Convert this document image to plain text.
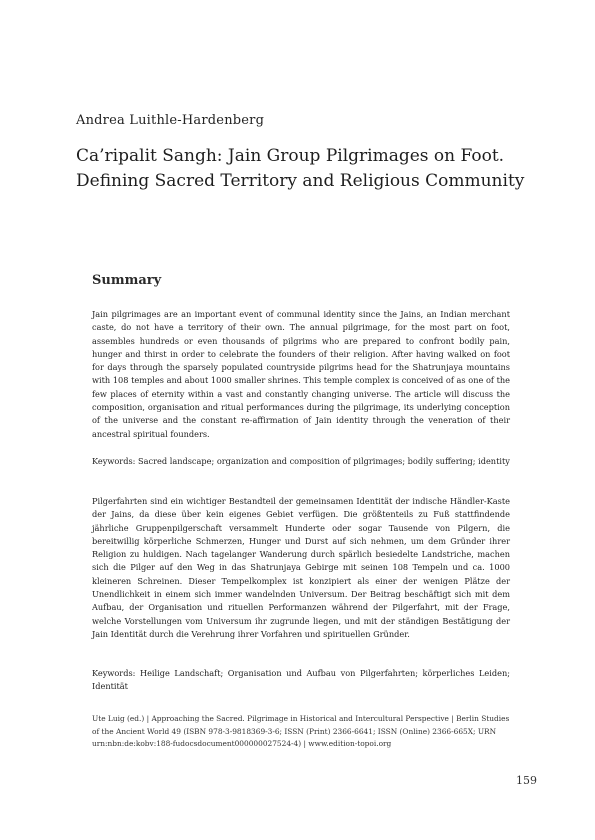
Andrea Luithle-Hardenberg
Ca’ripalit Sangh: Jain Group Pilgrimages on Foot. Defining Sacred Territory and Religious Community
Summary
Jain pilgrimages are an important event of communal identity since the Jains, an Indian merchant caste, do not have a territory of their own. The annual pilgrimage, for the most part on foot, assembles hundreds or even thousands of pilgrims who are prepared to confront bodily pain, hunger and thirst in order to celebrate the founders of their religion. After having walked on foot for days through the sparsely populated countryside pilgrims head for the Shatrunjaya mountains with 108 temples and about 1000 smaller shrines. This temple complex is conceived of as one of the few places of eternity within a vast and constantly changing universe. The article will discuss the composition, organisation and ritual performances during the pilgrimage, its underlying conception of the universe and the constant re-affirmation of Jain identity through the veneration of their ancestral spiritual founders.
Keywords: Sacred landscape; organization and composition of pilgrimages; bodily suffering; identity
Pilgerfahrten sind ein wichtiger Bestandteil der gemeinsamen Identität der indische Händler-Kaste der Jains, da diese über kein eigenes Gebiet verfügen. Die größtenteils zu Fuß stattfindende jährliche Gruppenpilgerschaft versammelt Hunderte oder sogar Tausende von Pilgern, die bereitwillig körperliche Schmerzen, Hunger und Durst auf sich nehmen, um dem Gründer ihrer Religion zu huldigen. Nach tagelanger Wanderung durch spärlich besiedelte Landstriche, machen sich die Pilger auf den Weg in das Shatrunjaya Gebirge mit seinen 108 Tempeln und ca. 1000 kleineren Schreinen. Dieser Tempelkomplex ist konzipiert als einer der wenigen Plätze der Unendlichkeit in einem sich immer wandelnden Universum. Der Beitrag beschäftigt sich mit dem Aufbau, der Organisation und rituellen Performanzen während der Pilgerfahrt, mit der Frage, welche Vorstellungen vom Universum ihr zugrunde liegen, und mit der ständigen Bestätigung der Jain Identität durch die Verehrung ihrer Vorfahren und spirituellen Gründer.
Keywords: Heilige Landschaft; Organisation und Aufbau von Pilgerfahrten; körperliches Leiden; Identität
Ute Luig (ed.) | Approaching the Sacred. Pilgrimage in Historical and Intercultural Perspective | Berlin Studies of the Ancient World 49 (ISBN 978-3-9818369-3-6; ISSN (Print) 2366-6641; ISSN (Online) 2366-665X; URN urn:nbn:de:kobv:188-fudocsdocument000000027524-4) | www.edition-topoi.org
159
